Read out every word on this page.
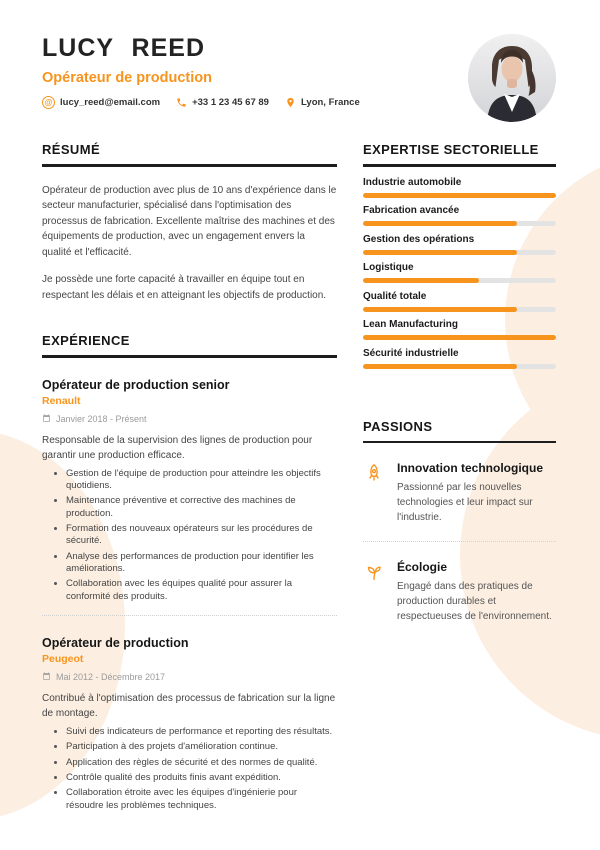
LUCY REED
Opérateur de production
@ lucy_reed@email.com	+33 1 23 45 67 89	Lyon, France
RÉSUMÉ

Opérateur de production avec plus de 10 ans d'expérience dans le secteur manufacturier, spécialisé dans l'optimisation des processus de fabrication. Excellente maîtrise des machines et des équipements de production, avec un engagement envers la qualité et l'efficacité.

Je possède une forte capacité à travailler en équipe tout en respectant les délais et en atteignant les objectifs de production.

EXPÉRIENCE
Opérateur de production senior
Renault
Janvier 2018 - Présent
Responsable de la supervision des lignes de production pour garantir une production efficace.
• Gestion de l'équipe de production pour atteindre les objectifs quotidiens.
• Maintenance préventive et corrective des machines de production.
• Formation des nouveaux opérateurs sur les procédures de sécurité.
• Analyse des performances de production pour identifier les améliorations.
• Collaboration avec les équipes qualité pour assurer la conformité des produits.
Opérateur de production
Peugeot
Mai 2012 - Décembre 2017
Contribué à l'optimisation des processus de fabrication sur la ligne de montage.
• Suivi des indicateurs de performance et reporting des résultats.
• Participation à des projets d'amélioration continue.
• Application des règles de sécurité et des normes de qualité.
• Contrôle qualité des produits finis avant expédition.
• Collaboration étroite avec les équipes d'ingénierie pour résoudre les problèmes techniques.
EXPERTISE SECTORIELLE
Industrie automobile
Fabrication avancée
Gestion des opérations
Logistique
Qualité totale
Lean Manufacturing
Sécurité industrielle
PASSIONS
Innovation technologique
Passionné par les nouvelles technologies et leur impact sur l'industrie.
Écologie
Engagé dans des pratiques de production durables et respectueuses de l'environnement.
